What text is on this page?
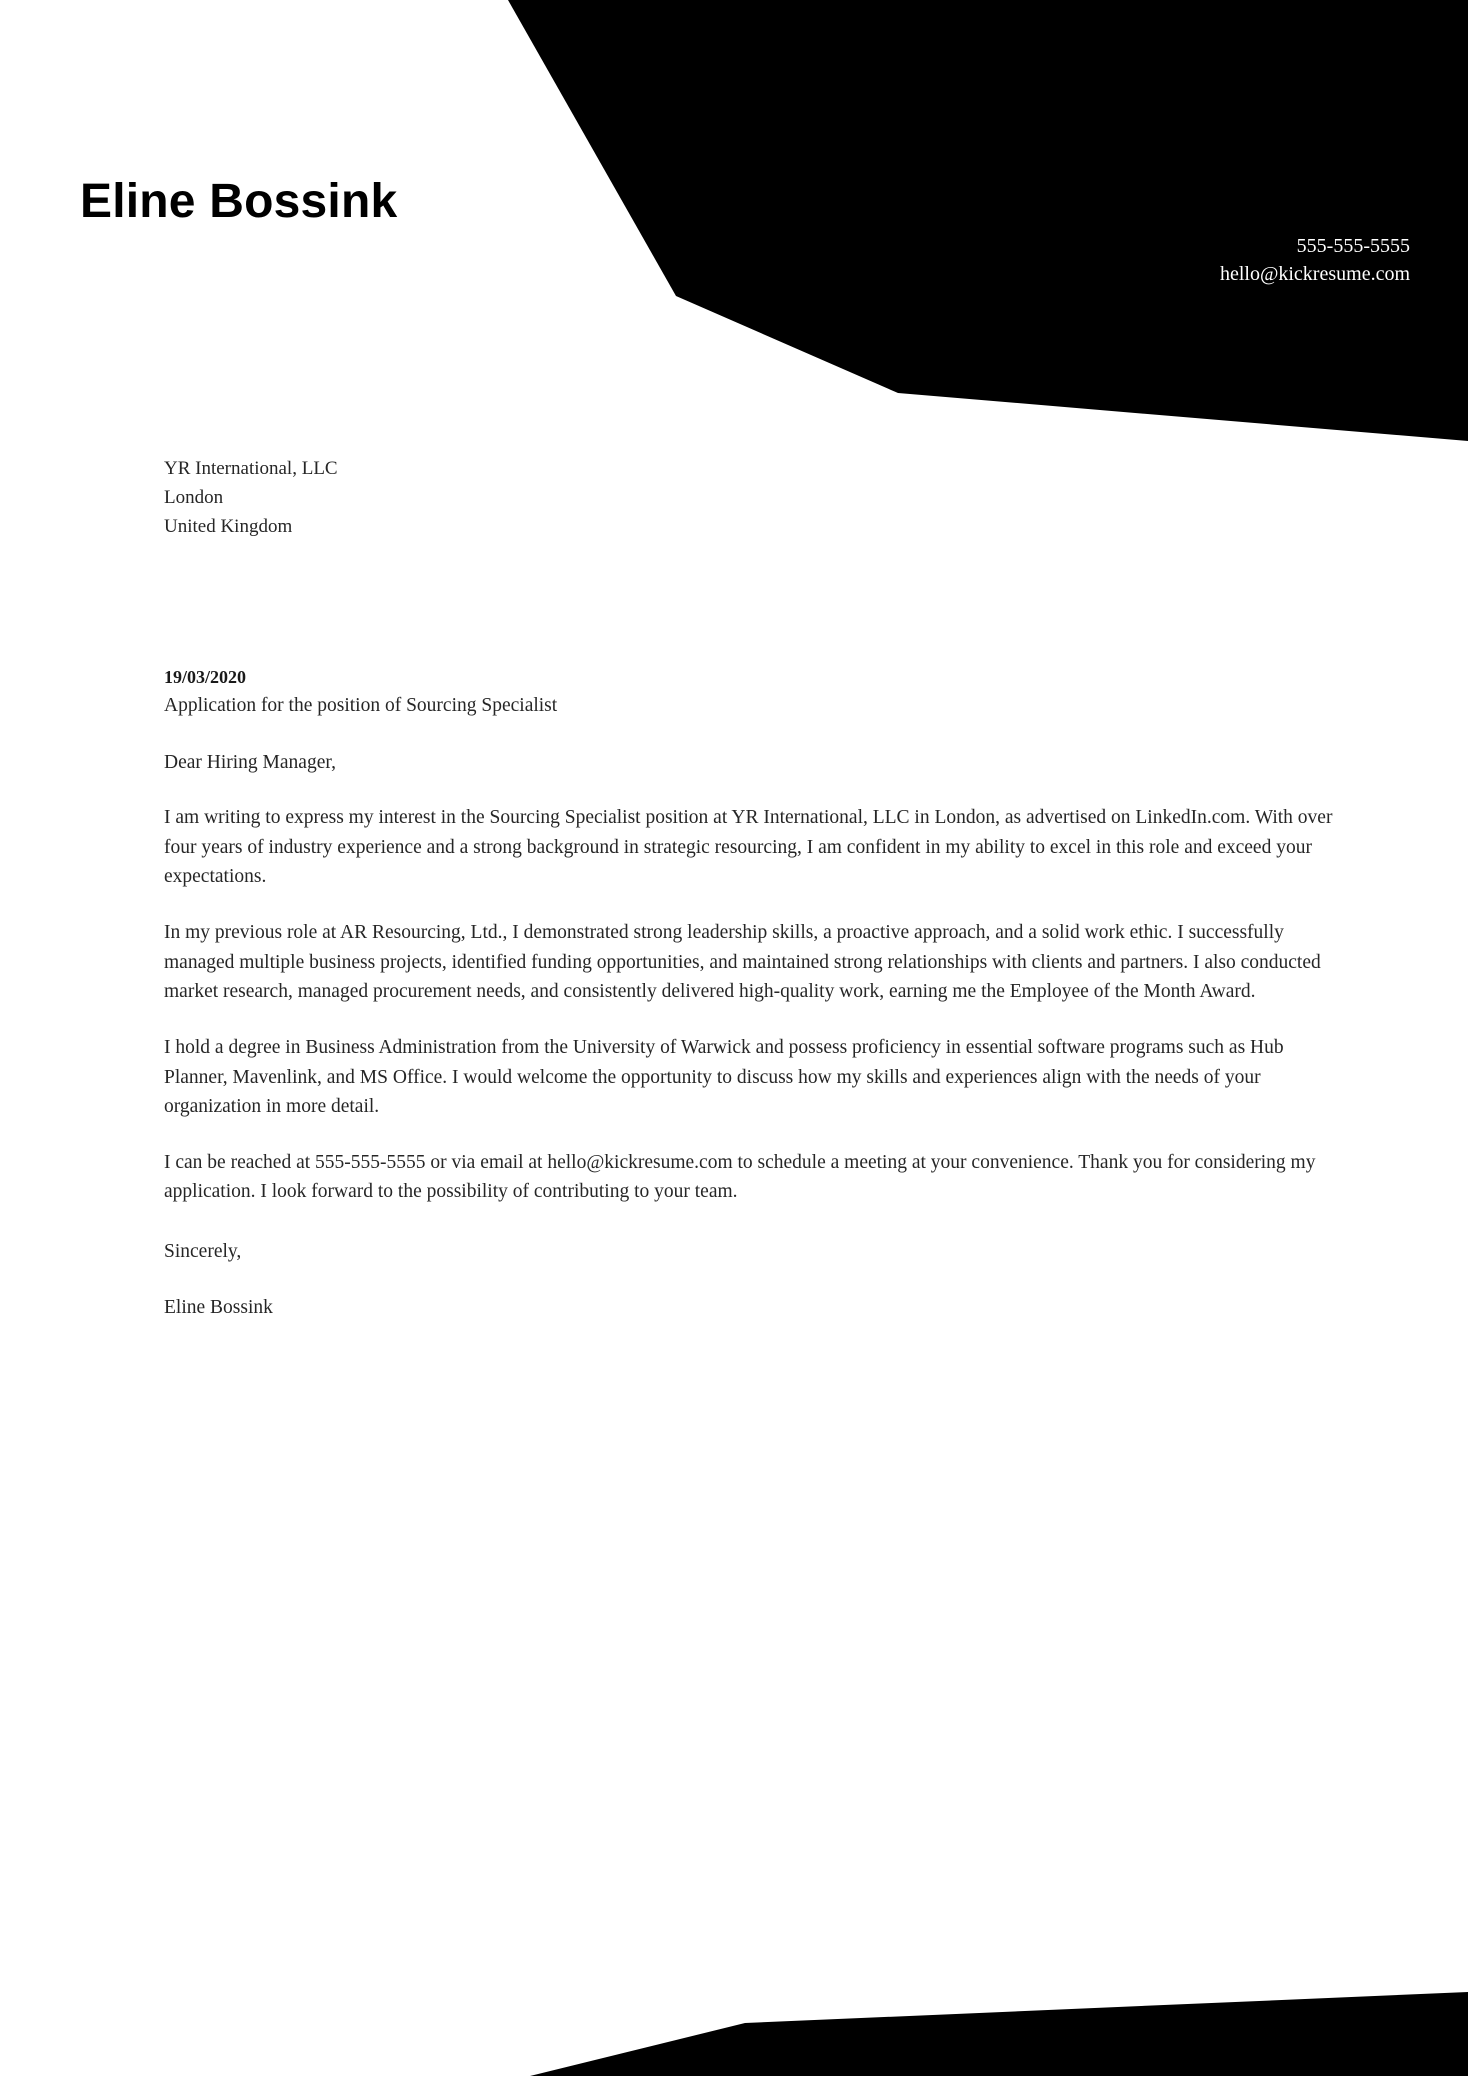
Eline Bossink
555-555-5555
hello@kickresume.com
YR International, LLC
London
United Kingdom
19/03/2020
Application for the position of Sourcing Specialist
Dear Hiring Manager,
I am writing to express my interest in the Sourcing Specialist position at YR International, LLC in London, as advertised on LinkedIn.com. With over four years of industry experience and a strong background in strategic resourcing, I am confident in my ability to excel in this role and exceed your expectations.
In my previous role at AR Resourcing, Ltd., I demonstrated strong leadership skills, a proactive approach, and a solid work ethic. I successfully managed multiple business projects, identified funding opportunities, and maintained strong relationships with clients and partners. I also conducted market research, managed procurement needs, and consistently delivered high-quality work, earning me the Employee of the Month Award.
I hold a degree in Business Administration from the University of Warwick and possess proficiency in essential software programs such as Hub Planner, Mavenlink, and MS Office. I would welcome the opportunity to discuss how my skills and experiences align with the needs of your organization in more detail.
I can be reached at 555-555-5555 or via email at hello@kickresume.com to schedule a meeting at your convenience. Thank you for considering my application. I look forward to the possibility of contributing to your team.
Sincerely,
Eline Bossink
